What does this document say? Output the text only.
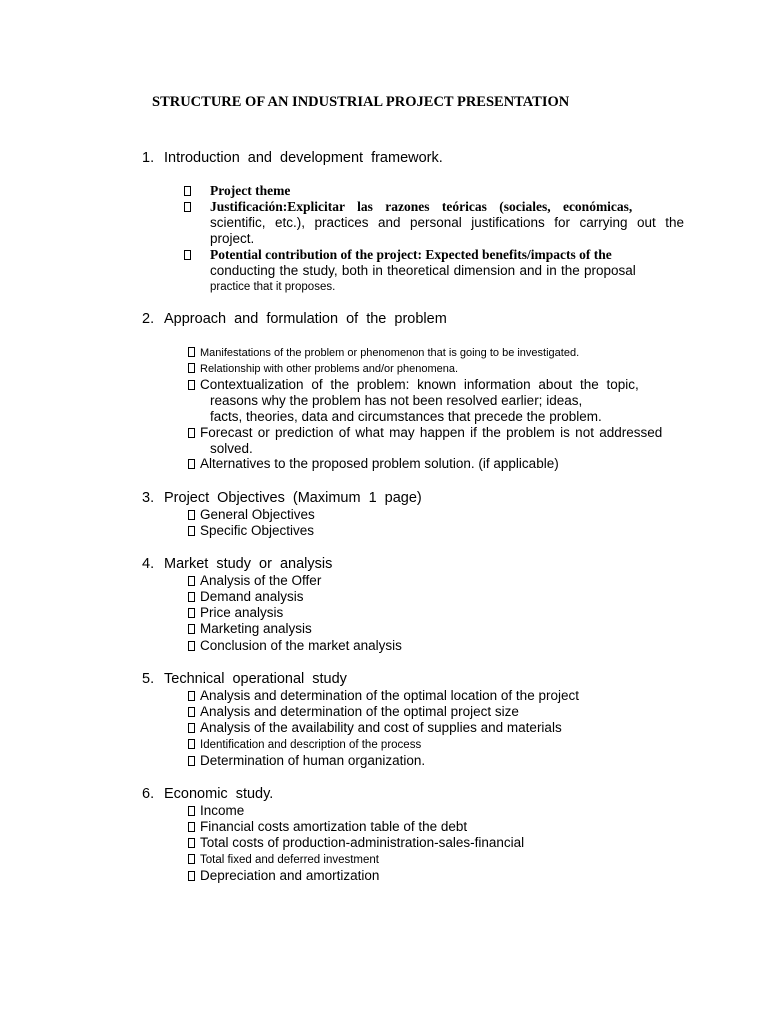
STRUCTURE OF AN INDUSTRIAL PROJECT PRESENTATION
1. Introduction and development framework.
Project theme
Justificación:Explicitar las razones teóricas (sociales, económicas,
scientific, etc.), practices and personal justifications for carrying out the project.
Potential contribution of the project: Expected benefits/impacts of the
conducting the study, both in theoretical dimension and in the proposal
practice that it proposes.
2. Approach and formulation of the problem
Manifestations of the problem or phenomenon that is going to be investigated.
Relationship with other problems and/or phenomena.
Contextualization of the problem: known information about the topic,
reasons why the problem has not been resolved earlier; ideas,
facts, theories, data and circumstances that precede the problem.
Forecast or prediction of what may happen if the problem is not addressed
solved.
Alternatives to the proposed problem solution. (if applicable)
3. Project Objectives (Maximum 1 page)
General Objectives
Specific Objectives
4. Market study or analysis
Analysis of the Offer
Demand analysis
Price analysis
Marketing analysis
Conclusion of the market analysis
5. Technical operational study
Analysis and determination of the optimal location of the project
Analysis and determination of the optimal project size
Analysis of the availability and cost of supplies and materials
Identification and description of the process
Determination of human organization.
6. Economic study.
Income
Financial costs amortization table of the debt
Total costs of production-administration-sales-financial
Total fixed and deferred investment
Depreciation and amortization
